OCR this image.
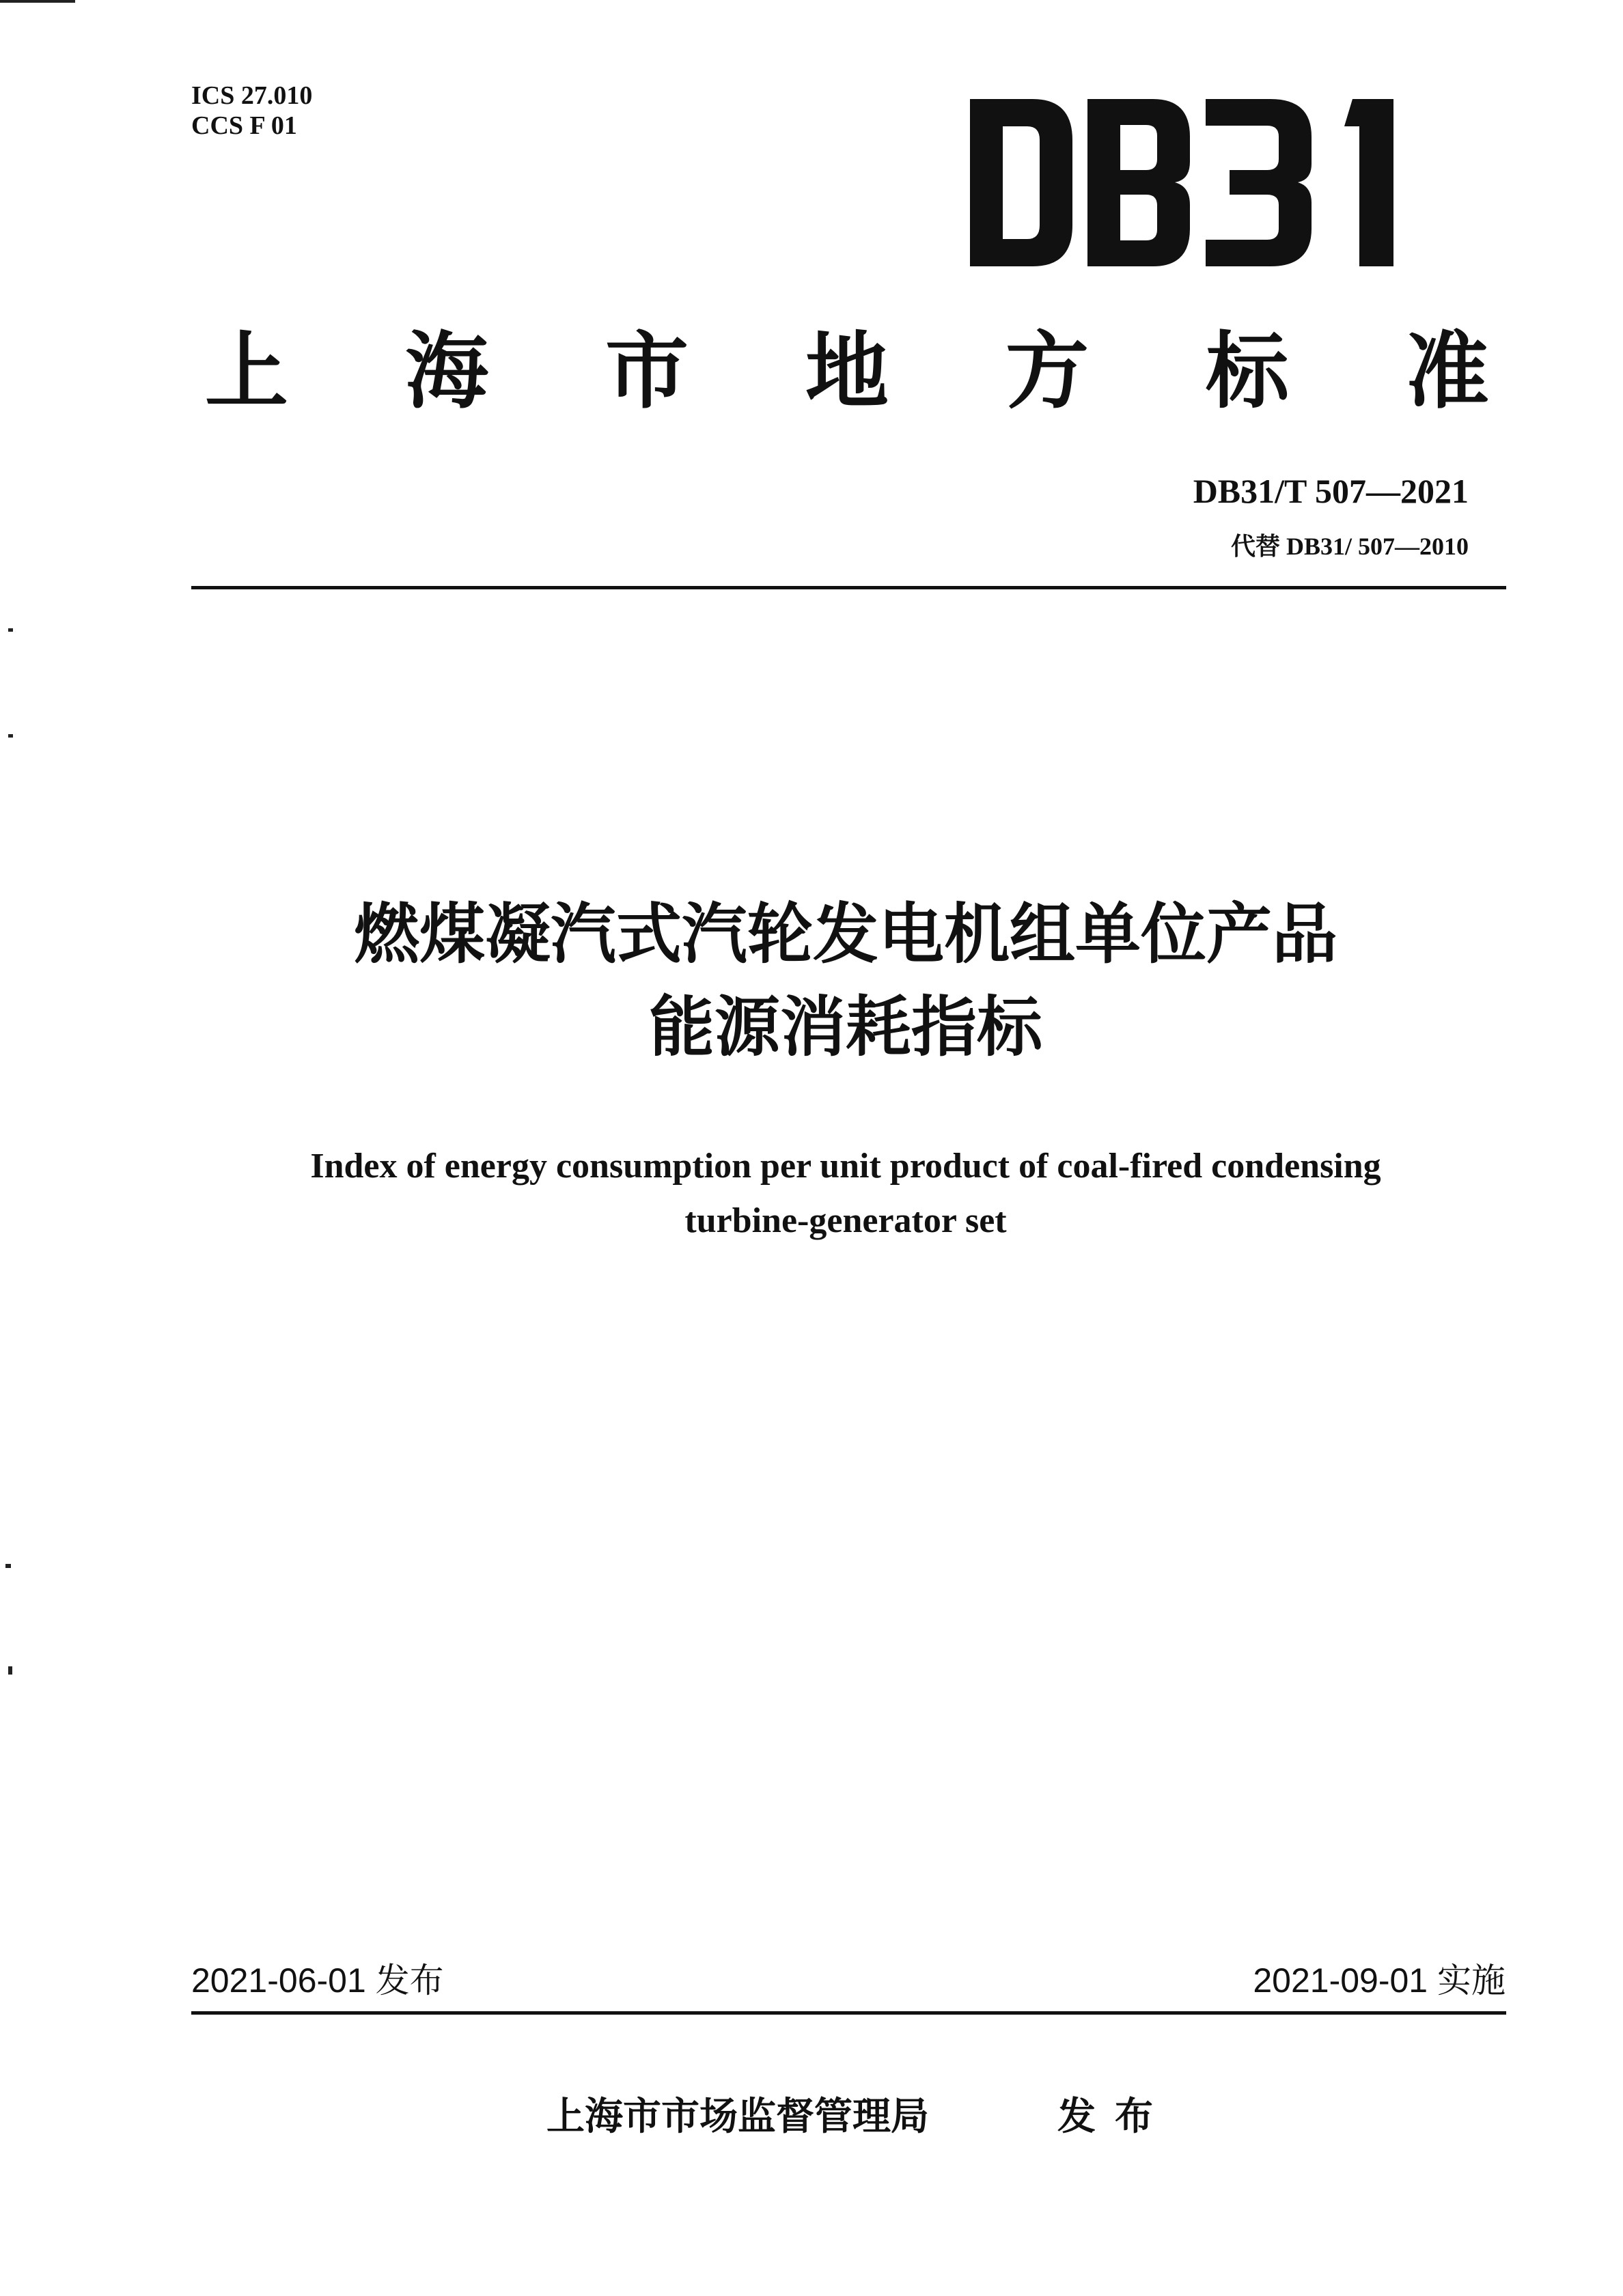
ICS 27.010
CCS F 01
上 海 市 地 方 标 准
DB31/T 507—2021
代替 DB31/ 507—2010
燃煤凝汽式汽轮发电机组单位产品
能源消耗指标
Index of energy consumption per unit product of coal-fired condensing
turbine-generator set
2021-06-01 发布	2021-09-01 实施
上海市市场监督管理局	发布
